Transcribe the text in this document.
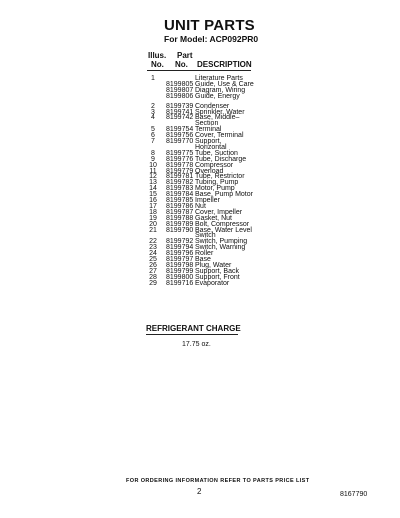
UNIT PARTS
For Model: ACP092PR0
Illus.
No.
Part
No.	DESCRIPTION
1	Literature Parts
8199805 Guide, Use & Care
8199807 Diagram, Wiring
8199806 Guide, Energy
2	8199739 Condenser
3	8199741 Sprinkler, Water
4	8199742 Base, Middle–
Section
5	8199754 Terminal
6	8199756 Cover, Terminal
7	8199770 Support,
Horizontal
8	8199775 Tube, Suction
9	8199776 Tube, Discharge
10	8199778 Compressor
11	8199779 Overload
12	8199781 Tube, Restrictor
13	8199782 Tubing, Pump
14	8199783 Motor, Pump
15	8199784 Base, Pump Motor
16	8199785 Impeller
17	8199786 Nut
18	8199787 Cover, Impeller
19	8199788 Gasket, Nut
20	8199789 Bolt, Compressor
21	8199790 Base, Water Level
Switch
22	8199792 Switch, Pumping
23	8199794 Switch, Warning
24	8199796 Roller
25	8199797 Base
26	8199798 Plug, Water
27	8199799 Support, Back
28	8199800 Support, Front
29	8199716 Evaporator
REFRIGERANT CHARGE
17.75 oz.
FOR ORDERING INFORMATION REFER TO PARTS PRICE LIST
2	8167790
